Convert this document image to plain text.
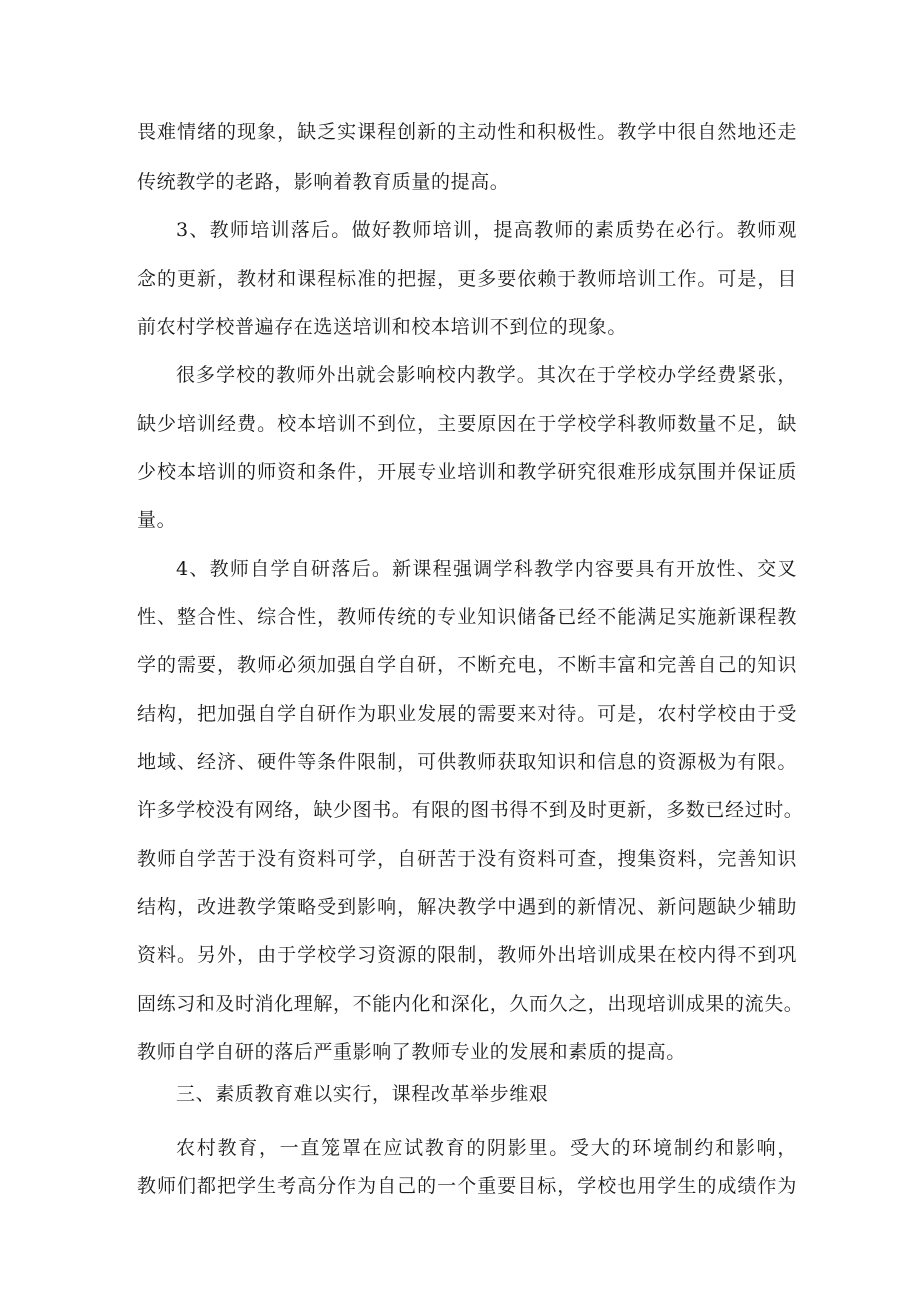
畏难情绪的现象，缺乏实课程创新的主动性和积极性。教学中很自然地还走
传统教学的老路，影响着教育质量的提高。
3、教师培训落后。做好教师培训，提高教师的素质势在必行。教师观
念的更新，教材和课程标准的把握，更多要依赖于教师培训工作。可是，目
前农村学校普遍存在选送培训和校本培训不到位的现象。
很多学校的教师外出就会影响校内教学。其次在于学校办学经费紧张，
缺少培训经费。校本培训不到位，主要原因在于学校学科教师数量不足，缺
少校本培训的师资和条件，开展专业培训和教学研究很难形成氛围并保证质
量。
4、教师自学自研落后。新课程强调学科教学内容要具有开放性、交叉
性、整合性、综合性，教师传统的专业知识储备已经不能满足实施新课程教
学的需要，教师必须加强自学自研，不断充电，不断丰富和完善自己的知识
结构，把加强自学自研作为职业发展的需要来对待。可是，农村学校由于受
地域、经济、硬件等条件限制，可供教师获取知识和信息的资源极为有限。
许多学校没有网络，缺少图书。有限的图书得不到及时更新，多数已经过时。
教师自学苦于没有资料可学，自研苦于没有资料可查，搜集资料，完善知识
结构，改进教学策略受到影响，解决教学中遇到的新情况、新问题缺少辅助
资料。另外，由于学校学习资源的限制，教师外出培训成果在校内得不到巩
固练习和及时消化理解，不能内化和深化，久而久之，出现培训成果的流失。
教师自学自研的落后严重影响了教师专业的发展和素质的提高。
三、素质教育难以实行，课程改革举步维艰
农村教育，一直笼罩在应试教育的阴影里。受大的环境制约和影响，
教师们都把学生考高分作为自己的一个重要目标，学校也用学生的成绩作为
